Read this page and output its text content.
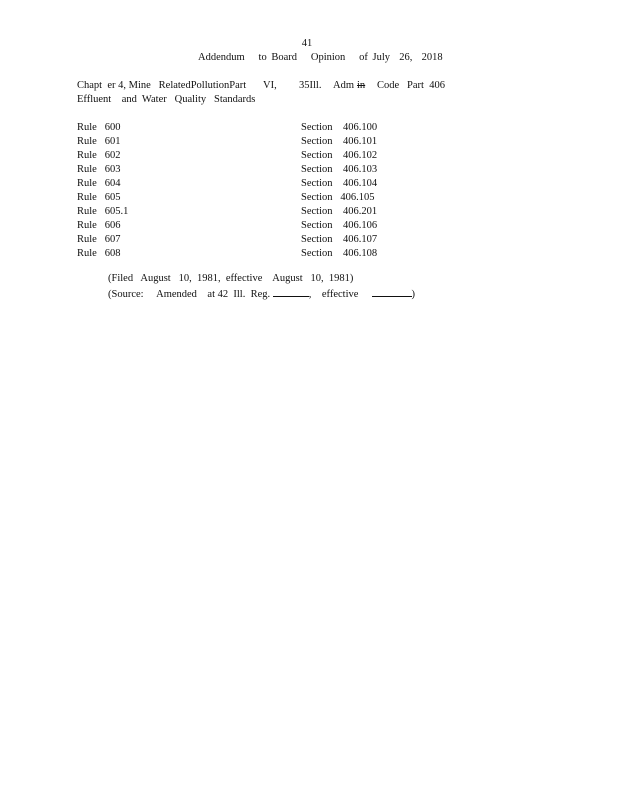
41
Addendum   to Board   Opinion   of July  26,  2018

Chapt  er 4, Mine   RelatedPollutionPart

VI,

35Ill.

Adm

in

Code   Part  406

Effluent    and  Water   Quality   Standards
Rule   600	Section    406.100
Rule   601	Section    406.101
Rule   602	Section    406.102
Rule   603	Section    406.103
Rule   604	Section    406.104
Rule   605	Section   406.105
Rule   605.1	Section    406.201
Rule   606	Section    406.106
Rule   607	Section    406.107
Rule   608	Section    406.108
(Filed   August   10,  1981,  effective    August   10,  1981)
(Source:     Amended    at 42  Ill.  Reg.	, effective	)
